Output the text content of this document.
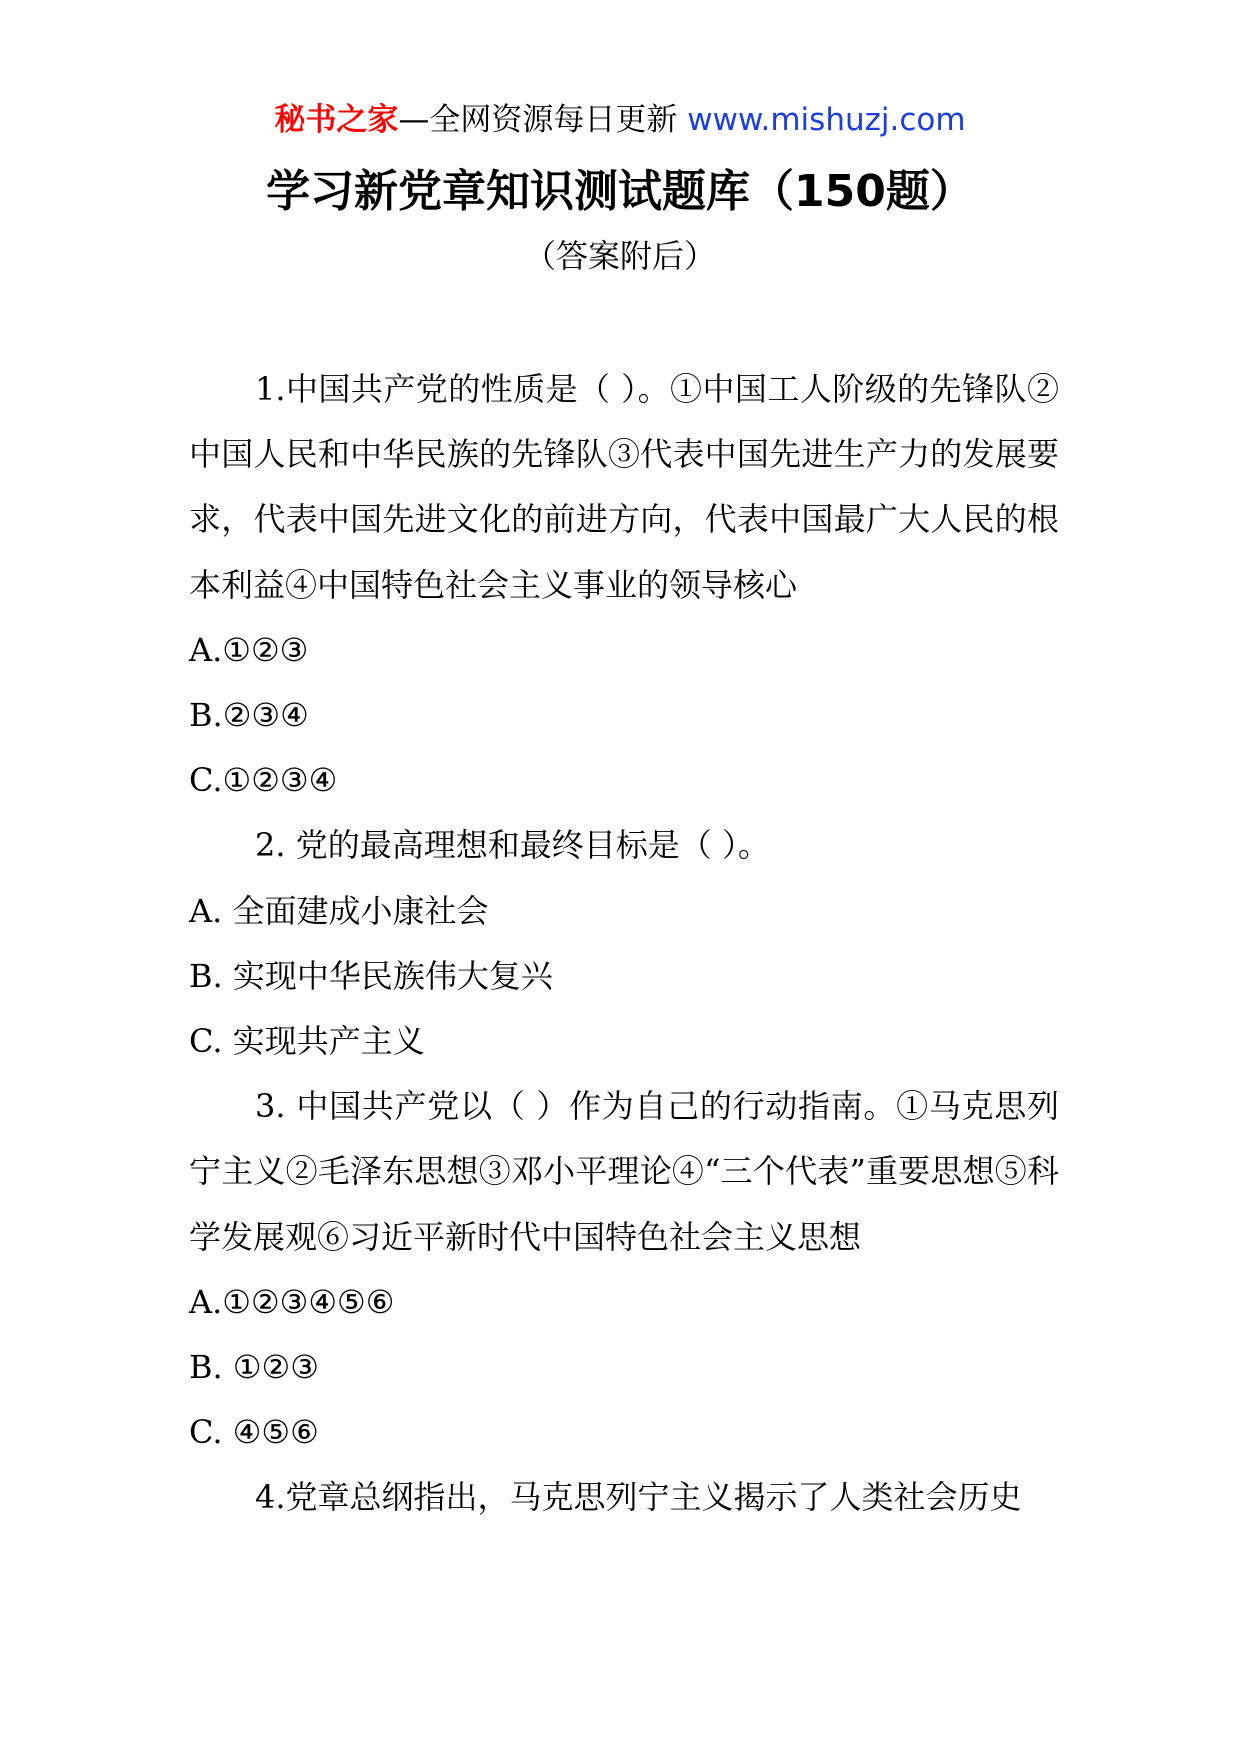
秘书之家—全网资源每日更新 www.mishuzj.com
学习新党章知识测试题库（150题）
（答案附后）

1.中国共产党的性质是（ ）。①中国工人阶级的先锋队②中国人民和中华民族的先锋队③代表中国先进生产力的发展要求，代表中国先进文化的前进方向，代表中国最广大人民的根本利益④中国特色社会主义事业的领导核心

A.①②③

B.②③④

C.①②③④

2. 党的最高理想和最终目标是（ ）。

A. 全面建成小康社会

B. 实现中华民族伟大复兴

C. 实现共产主义

3. 中国共产党以（ ）作为自己的行动指南。①马克思列宁主义②毛泽东思想③邓小平理论④“三个代表”重要思想⑤科学发展观⑥习近平新时代中国特色社会主义思想

A.①②③④⑤⑥

B. ①②③

C. ④⑤⑥

4.党章总纲指出，马克思列宁主义揭示了人类社会历史
